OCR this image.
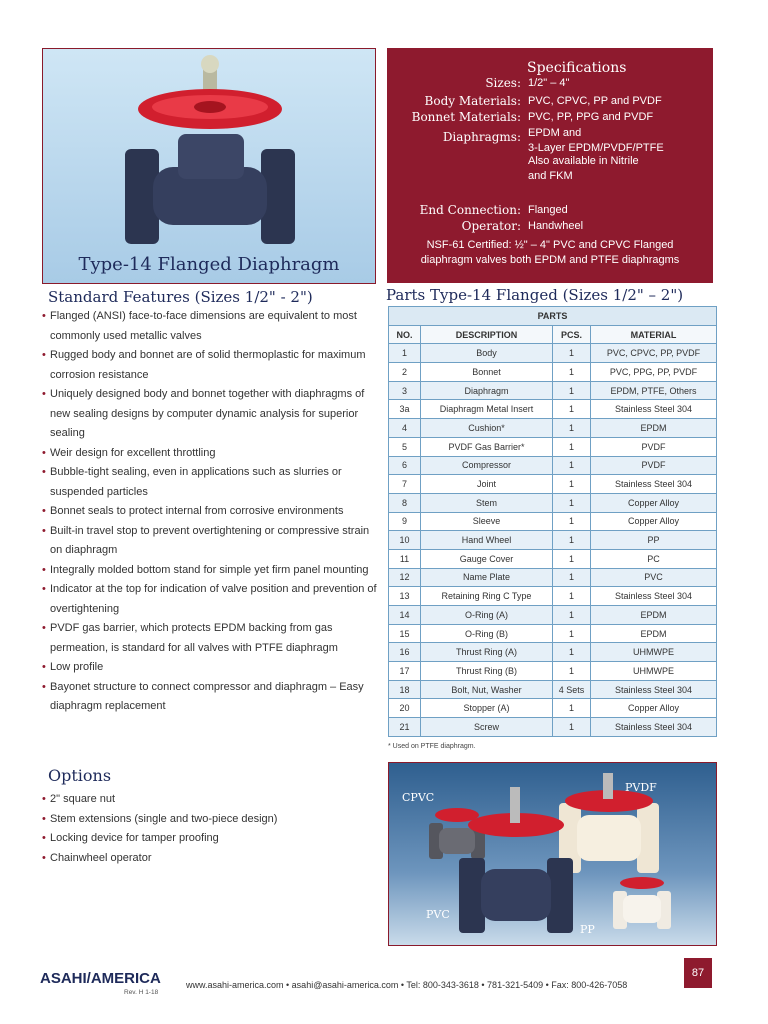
Type-14 Flanged Diaphragm
Specifications
Sizes: 1/2" – 4"
Body Materials: PVC, CPVC, PP and PVDF
Bonnet Materials: PVC, PP, PPG and PVDF
Diaphragms: EPDM and
3-Layer EPDM/PVDF/PTFE
Also available in Nitrile
and FKM
End Connection: Flanged
Operator: Handwheel
NSF-61 Certified: ½" – 4" PVC and CPVC Flanged
diaphragm valves both EPDM and PTFE diaphragms
Standard Features (Sizes 1/2" - 2")
• Flanged (ANSI) face-to-face dimensions are equivalent to most commonly used metallic valves
• Rugged body and bonnet are of solid thermoplastic for maximum corrosion resistance
• Uniquely designed body and bonnet together with diaphragms of new sealing designs by computer dynamic analysis for superior sealing
• Weir design for excellent throttling
• Bubble-tight sealing, even in applications such as slurries or suspended particles
• Bonnet seals to protect internal from corrosive environments
• Built-in travel stop to prevent overtightening or compressive strain on diaphragm
• Integrally molded bottom stand for simple yet firm panel mounting
• Indicator at the top for indication of valve position and prevention of overtightening
• PVDF gas barrier, which protects EPDM backing from gas permeation, is standard for all valves with PTFE diaphragm
• Low profile
• Bayonet structure to connect compressor and diaphragm – Easy diaphragm replacement
Parts Type-14 Flanged (Sizes 1/2" – 2")
PARTS			
NO.	DESCRIPTION	PCS.	MATERIAL
1	Body	1	PVC, CPVC, PP, PVDF
2	Bonnet	1	PVC, PPG, PP, PVDF
3	Diaphragm	1	EPDM, PTFE, Others
3a	Diaphragm Metal Insert	1	Stainless Steel 304
4	Cushion*	1	EPDM
5	PVDF Gas Barrier*	1	PVDF
6	Compressor	1	PVDF
7	Joint	1	Stainless Steel 304
8	Stem	1	Copper Alloy
9	Sleeve	1	Copper Alloy
10	Hand Wheel	1	PP
11	Gauge Cover	1	PC
12	Name Plate	1	PVC
13	Retaining Ring C Type	1	Stainless Steel 304
14	O-Ring (A)	1	EPDM
15	O-Ring (B)	1	EPDM
16	Thrust Ring (A)	1	UHMWPE
17	Thrust Ring (B)	1	UHMWPE
18	Bolt, Nut, Washer	4 Sets	Stainless Steel 304
20	Stopper (A)	1	Copper Alloy
21	Screw	1	Stainless Steel 304
* Used on PTFE diaphragm.
Options
• 2" square nut
• Stem extensions (single and two-piece design)
• Locking device for tamper proofing
• Chainwheel operator
CPVC
PVDF
PVC
PP
ASAHI/AMERICA
Rev. H 1-18
www.asahi-america.com • asahi@asahi-america.com • Tel: 800-343-3618 • 781-321-5409 • Fax: 800-426-7058
87
